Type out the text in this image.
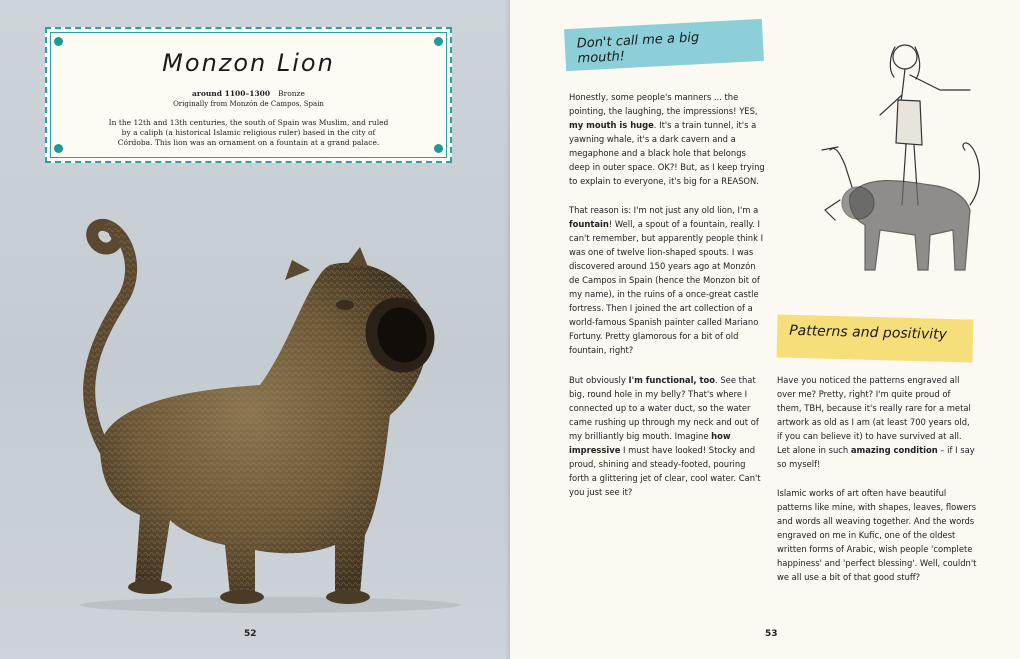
Monzon Lion
around 1100–1300 Bronze
Originally from Monzón de Campos, Spain
In the 12th and 13th centuries, the south of Spain was Muslim, and ruled by a caliph (a historical Islamic religious ruler) based in the city of Córdoba. This lion was an ornament on a fountain at a grand palace.
52	53
Don't call me a big mouth!

Honestly, some people's manners ... the pointing, the laughing, the impressions! YES, my mouth is huge. It's a train tunnel, it's a yawning whale, it's a dark cavern and a megaphone and a black hole that belongs deep in outer space. OK?! But, as I keep trying to explain to everyone, it's big for a REASON.

That reason is: I'm not just any old lion, I'm a fountain! Well, a spout of a fountain, really. I can't remember, but apparently people think I was one of twelve lion-shaped spouts. I was discovered around 150 years ago at Monzón de Campos in Spain (hence the Monzon bit of my name), in the ruins of a once-great castle fortress. Then I joined the art collection of a world-famous Spanish painter called Mariano Fortuny. Pretty glamorous for a bit of old fountain, right?

But obviously I'm functional, too. See that big, round hole in my belly? That's where I connected up to a water duct, so the water came rushing up through my neck and out of my brilliantly big mouth. Imagine how impressive I must have looked! Stocky and proud, shining and steady-footed, pouring forth a glittering jet of clear, cool water. Can't you just see it?

Patterns and positivity

Have you noticed the patterns engraved all over me? Pretty, right? I'm quite proud of them, TBH, because it's really rare for a metal artwork as old as I am (at least 700 years old, if you can believe it) to have survived at all. Let alone in such amazing condition – if I say so myself!

Islamic works of art often have beautiful patterns like mine, with shapes, leaves, flowers and words all weaving together. And the words engraved on me in Kufic, one of the oldest written forms of Arabic, wish people 'complete happiness' and 'perfect blessing'. Well, couldn't we all use a bit of that good stuff?
